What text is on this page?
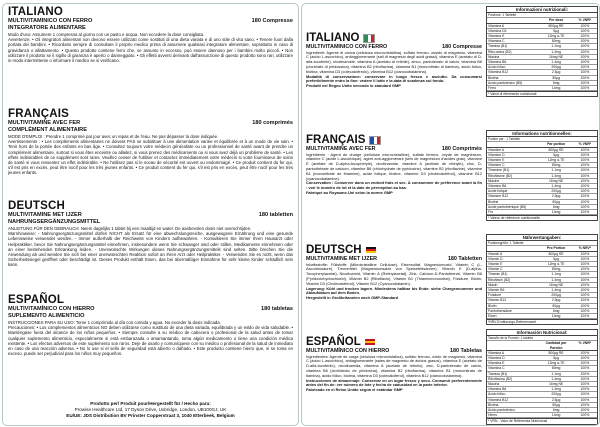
ITALIANO
MULTIVITAMINICO CON FERRO	180 Compresse
INTEGRATORE ALIMENTARE
Modo d'uso: Assumere 1 compressa al giorno con un pasto e acqua. Non eccedere la dose consigliata.
Avvertenze: • Gli integratori alimentari non devono essere utilizzati come sostituti di una dieta variata e di uno stile di vita sano. • Tenere fuori dalla portata dei bambini. • Ricordarsi sempre di consultare il proprio medico prima di assumere qualsiasi integratore alimentare, soprattutto in caso di gravidanza o allattamento. • Questo prodotto contiene ferro che, se assunto in eccesso, può essere dannoso per i bambini molto piccoli. • Non utilizzare il prodotto se il sigillo di garanzia è aperto o danneggiato. • Gli effetti avversi derivanti dall'assunzione di questo prodotto sono rari, utilizzare in modo intermittente o informare il medico se si verificano.
FRANÇAIS
MULTIVITAMINE AVEC FER	180 comprimés
COMPLÉMENT ALIMENTAIRE
MODE D'EMPLOI : Prendre 1 comprimé par jour avec un repas et de l'eau. Ne pas dépasser la dose indiquée.
Avertissements : • Les compléments alimentaires ne doivent PAS se substituer à une alimentation variée et équilibrée et à un mode de vie sain. • Tenir hors de la portée des enfants en bas âge. • Consultez toujours votre médecin généraliste ou un professionnel de santé avant de prendre un complément alimentaire, surtout si vous êtes enceinte ou allaitez, si vous prenez des médicaments ou si vous avez déjà un problème de santé. • Les effets indésirables de ce supplément sont rares. Veuillez cesser de l'utiliser et contactez immédiatement votre médecin si votre fournisseur de soins de santé si vous ressentez un effet indésirable. • Ne l'utilisez pas si le sceau de sécurité est ouvert ou endommagé. • Ce produit contient du fer qui, s'il est pris en excès, peut être nocif pour les très jeunes enfants. • Ce produit contient du fer qui, s'il est pris en excès, peut être nocif pour les très jeunes enfants.
DEUTSCH
MULTIVITAMINE MET IJZER	180 tabletten
NAHRUNGSERGÄNZUNGSMITTEL
ANLEITUNG FÜR DEN GEBRAUCH: Neem dagelijks 1 tablet bij een maaltijd en water. De aanbevolen dosis niet overschrijden.
Warnhinweise: - Nahrungsergänzungsmittel dürfen NICHT als Ersatz für eine abwechslungsreiche, ausgewogene Ernährung und eine gesunde Lebensweise verwendet werden. - Immer außerhalb der Reichweite von Kindern aufbewahren. - Konsultieren Sie immer Ihren Hausarzt oder Heilpraktiker, bevor Sie Nahrungsergänzungsmittel einnehmen, insbesondere wenn Sie schwanger sind oder stillen, Medikamente einnehmen oder an einer bestehenden Erkrankung leiden. - Unerwünschte Wirkungen dieses Nahrungsergänzungsmittels sind selten. Bitte brechen Sie die Anwendung ab und wenden Sie sich bei einer unerwünschten Reaktion sofort an Ihren Arzt oder Heilpraktiker. - Verwenden Sie es nicht, wenn das Sicherheitssiegel geöffnet oder beschädigt ist. Dieses Produkt enthält Eisen, das bei übermäßiger Einnahme für sehr kleine Kinder schädlich sein kann.
ESPAÑOL
MULTIVITAMÍNICO CON HIERRO	180 tabletas
SUPLEMENTO ALIMENTICIO
INSTRUCCIONES PARA SU USO: Tome 1 comprimido al día con comida y agua. No exceder la dosis indicada.
Precauciones: • Los complementos alimenticios NO deben utilizarse como sustituto de una dieta variada, equilibrada y un estilo de vida saludable. • Manténgase fuera del alcance de los niños pequeños. • Siempre consulte a su médico de cabecera o profesional de la salud antes de tomar cualquier suplemento alimenticio, especialmente si está embarazada o amamantando, toma algún medicamento o tiene una condición médica existente. • Los efectos adversos de este suplemento son raros. Deje de usarlo y comuníquese con su médico o profesional de la salud de inmediato en caso de una reacción adversa. • No lo use si el sello de seguridad está abierto o dañado. • Este producto contiene hierro que, si se toma en exceso, puede ser perjudicial para los niños muy pequeños.
Prodotto per/ Produit pour/Hergestellt für / Hecho para:
Prowise Healthcare Ltd, 17 Dyson Drive, Uxbridge, London, UB100GJ, UK
EU/UE: JDS Distribution BV Prinster Copperstraat 3, 1040 Etterbeek, Belgium
ITALIANO
MULTIVITAMINICO CON FERRO	180 Compresse
Ingredienti: Agente di carica (cellulosa microcristallina), solfato ferroso, ossido di magnesio, vitamina C (acido L-ascorbico), antiagglomerante (sali di magnesio degli acidi grassi), vitamina E (acetato di D-alfa-tocoferile), nicotinamide, vitamina A (acetato di retinile), zinco, pantotenato di calcio, vitamina B6 (cloridrato di piridossina), vitamina B2 (riboflavina), vitamina B1 (mononitrato di tiamina), acido folico, biotina, vitamina D3 (colecalciferolo), vitamina B12 (cianocobalamina).
Modalità di conservazione: conservare in luogo fresco e asciutto. Da consumarsi preferibilmente entro la fine: vedere il lotto e la data di scadenza sul fondo.
Prodotti nel Regno Unito secondo lo standard GMP
FRANÇAIS
MULTIVITAMINE AVEC FER	180 Comprimés
Ingrédients : Agent de charge (cellulose microcristalline), sulfate ferreux, oxyde de magnésium, vitamine C (acide L-ascorbique), agent anti-agglomérant (sels de magnésium d'acides gras), vitamine E (acétate de D-alpha-tocophéryle), nicotinamide, vitamine A (acétate de rétinyle), zinc, D-pantothénate de calcium, vitamine B6 (chlorhydrate de pyridoxine), vitamine B2 (riboflavine), vitamine B1 (mononitrate de thiamine), acide folique, biotine, vitamine D3 (cholécalciférol), vitamine B12 (cyanocobalamine).
Conservation : Conserver dans un endroit frais et sec. À consommer de préférence avant la fin : voir le numéro de lot et la date de péremption au bas.
Fabriqué au Royaume-Uni selon la norme GMP
DEUTSCH
MULTIVITAMINE MET IJZER	180 Tabletten
Inhaltsstoffe: Füllstoffe (Mikrokristalline Cellulose), Eisensulfat, Magnesiumoxid, Vitamin C (L-Ascorbinsäure), Trennmittel (Magnesiumsalze von Speisefettsäuren), Vitamin E (D-alpha-Tocopherylacetat), Nicotinamid, Vitamin A (Retinylacetat), Zink, Calcium-D-Pantothenat, Vitamin B6 (Pyridoxinhydrochlorid), Vitamin B2 (Riboflavin), Vitamin B1 (Thiaminmononitrat), Folsäure, Biotin, Vitamin D3 (Cholecalciferol), Vitamin B12 (Cyanocobalamin).
Lagerung: Kühl und trocken lagern. Mindestens haltbar bis Ende: siehe Chargennummer und Ablaufdatum auf dem Boden.
Hergestellt in Großbritannien nach GMP-Standard
ESPAÑOL
MULTIVITAMÍNICO CON HIERRO	180 Tabletas
Ingredientes: Agente de carga (celulosa microcristalina), sulfato ferroso, óxido de magnesio, vitamina C (ácido L-ascórbico), antiaglomerante (sales de magnesio de ácidos grasos), vitamina E (acetato de D-alfa-tocoferilo), nicotinamida, vitamina A (acetato de retinilo), zinc, D-pantotenato de calcio, vitamina B6 (clorhidrato de piridoxina), vitamina B2 (riboflavina), vitamina B1 (mononitrato de tiamina), ácido fólico, biotina, vitamina D3 (colecalciferol), vitamina B12 (cianocobalamina).
Instrucciones de almacenaje: Conservar en un lugar fresco y seco. Consumir preferentemente antes del fin de: ver número de lote y fecha de caducidad en la parte inferior.
Fabricado en el Reino Unido según el estándar GMP
Informazioni nutrizionali:
Porzione: 1 Tablette
Per dose	% VNR*
Vitamina A	800µg RE	100%
Vitamina D3	5µg	100%
Vitamina E	12mg α-TE	100%
Vitamina C	80mg	100%
Tiamina (B1)	1.1mg	100%
Ribo-avina (B2)	1.4mg	100%
Niacina	16mg NE	100%
Vitamina B6	1.4mg	100%
Acido folico	200µg	100%
Vitamina B12	2.5µg	100%
Biotina	50µg	100%
Acido pantotenico (B5)	6mg	100%
Ferro	14mg	100%
* Valori di riferimento nutrizionali
Informations nutritionnelles:
Portion par : 1 Tablette
Par portion	% VNR*
Vitamine A	800µg RE	100%
Vitamine D	5µg	100%
Vitamine E	12mg α-TE	100%
Vitamine C	80mg	100%
Thiamine (B1)	1.1mg	100%
Riboflavine (B2)	1.4mg	100%
Niacine	16mg NE	100%
Vitamine B6	1.4mg	100%
Acide folique	200µg	100%
Vitamine B12	2.5µg	100%
Biotine	50µg	100%
Acide pantothénique (B5)	6mg	100%
Fer	14mg	100%
* Valeur de référence nutritionnelle
Nährwertangaben:
Portionsgröße: 1 Tablette
Pro Portion	% NRV*
Vitamin A	800µg RE	100%
Vitamin D	5µg	100%
Vitamin E	12mg α-TE	100%
Vitamin C	80mg	100%
Thiamin (B1)	1.1mg	100%
Riboflavin (B2)	1.4mg	100%
Niacin	16mg NE	100%
Vitamin B6	1.4mg	100%
Folsäure	200µg	100%
Vitamin B12	2.5µg	100%
Biotin	50µg	100%
Pantothensäure	6mg	100%
Eisen	14mg	100%
*NRV-Ernährungs-Referenzwert
Información Nutricional:
Tamaño de la Porción: 1 tableta
Cantidad por Porción
% VNR*
Vitamina A	800µg RE	100%
Vitamina D	5µg	100%
Vitamina E	12mg α-TE	100%
Vitamina C	80mg	100%
Tiamina (B1)	1.1mg	100%
Riboflavina (B2)	1.4mg	100%
Niacina	16mg NE	100%
Vitamina B6	1.4mg	100%
Ácido fólico	200µg	100%
Vitamina B12	2.5µg	100%
Biotina	50µg	100%
Ácido pantoténico	6mg	100%
Hierro	14mg	100%
* VRN - Valor de Referencia Nutricional
